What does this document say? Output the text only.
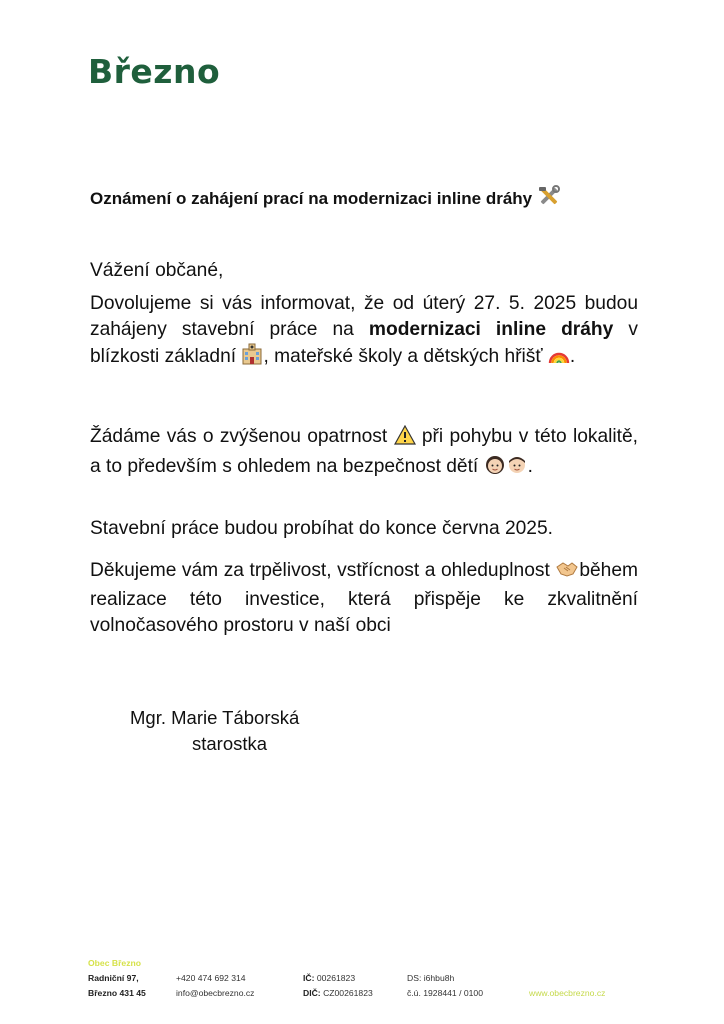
Březno
Oznámení o zahájení prací na modernizaci inline dráhy
Vážení občané,
Dovolujeme si vás informovat, že od úterý 27. 5. 2025 budou zahájeny stavební práce na modernizaci inline dráhy v blízkosti základní , mateřské školy a dětských hřišť .
Žádáme vás o zvýšenou opatrnost  při pohybu v této lokalitě, a to především s ohledem na bezpečnost dětí .
Stavební práce budou probíhat do konce června 2025.
Děkujeme vám za trpělivost, vstřícnost a ohleduplnost během realizace této investice, která přispěje ke zkvalitnění volnočasového prostoru v naší obci
Mgr. Marie Táborská
starostka
Obec Březno
Radniční 97,
Březno 431 45
+420 474 692 314
info@obecbrezno.cz
IČ: 00261823
DIČ: CZ00261823
DS: i6hbu8h
č.ú. 1928441 / 0100	www.obecbrezno.cz
